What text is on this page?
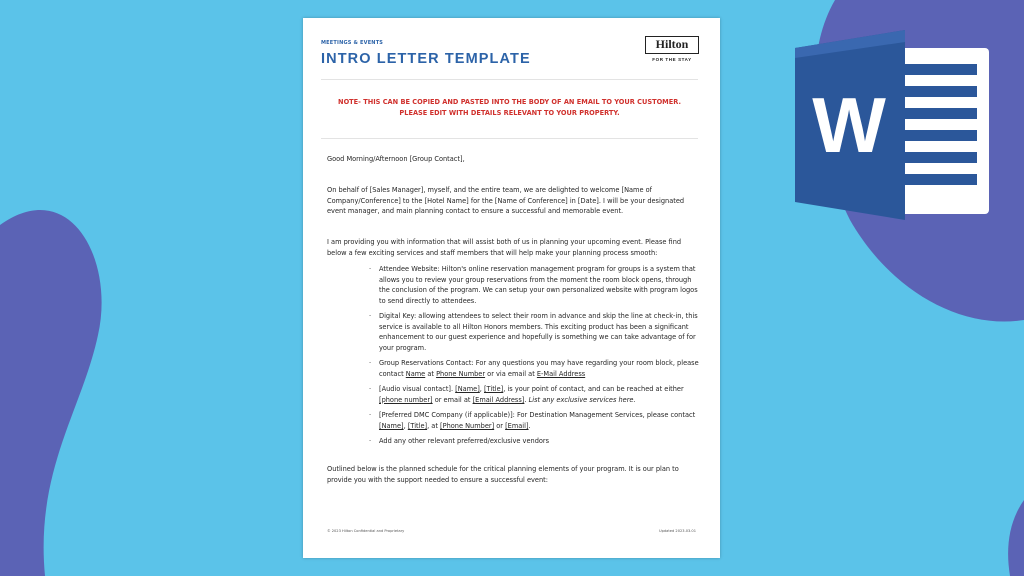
MEETINGS & EVENTS
INTRO LETTER TEMPLATE
Hilton
FOR THE STAY
NOTE- THIS CAN BE COPIED AND PASTED INTO THE BODY OF AN EMAIL TO YOUR CUSTOMER.
PLEASE EDIT WITH DETAILS RELEVANT TO YOUR PROPERTY.
Good Morning/Afternoon [Group Contact],
On behalf of [Sales Manager], myself, and the entire team, we are delighted to welcome [Name of Company/Conference] to the [Hotel Name] for the [Name of Conference] in [Date]. I will be your designated event manager, and main planning contact to ensure a successful and memorable event.
I am providing you with information that will assist both of us in planning your upcoming event. Please find below a few exciting services and staff members that will help make your planning process smooth:
· Attendee Website: Hilton's online reservation management program for groups is a system that allows you to review your group reservations from the moment the room block opens, through the conclusion of the program. We can setup your own personalized website with program logos to send directly to attendees.
· Digital Key: allowing attendees to select their room in advance and skip the line at check-in, this service is available to all Hilton Honors members. This exciting product has been a significant enhancement to our guest experience and hopefully is something we can take advantage of for your program.
· Group Reservations Contact: For any questions you may have regarding your room block, please contact Name at Phone Number or via email at E-Mail Address
· [Audio visual contact]. [Name], [Title], is your point of contact, and can be reached at either [phone number] or email at [Email Address]. List any exclusive services here.
· [Preferred DMC Company (if applicable)]: For Destination Management Services, please contact [Name], [Title], at [Phone Number] or [Email].
· Add any other relevant preferred/exclusive vendors
Outlined below is the planned schedule for the critical planning elements of your program. It is our plan to provide you with the support needed to ensure a successful event:
© 2023 Hilton Confidential and Proprietary	Updated 2023.03.01
W
